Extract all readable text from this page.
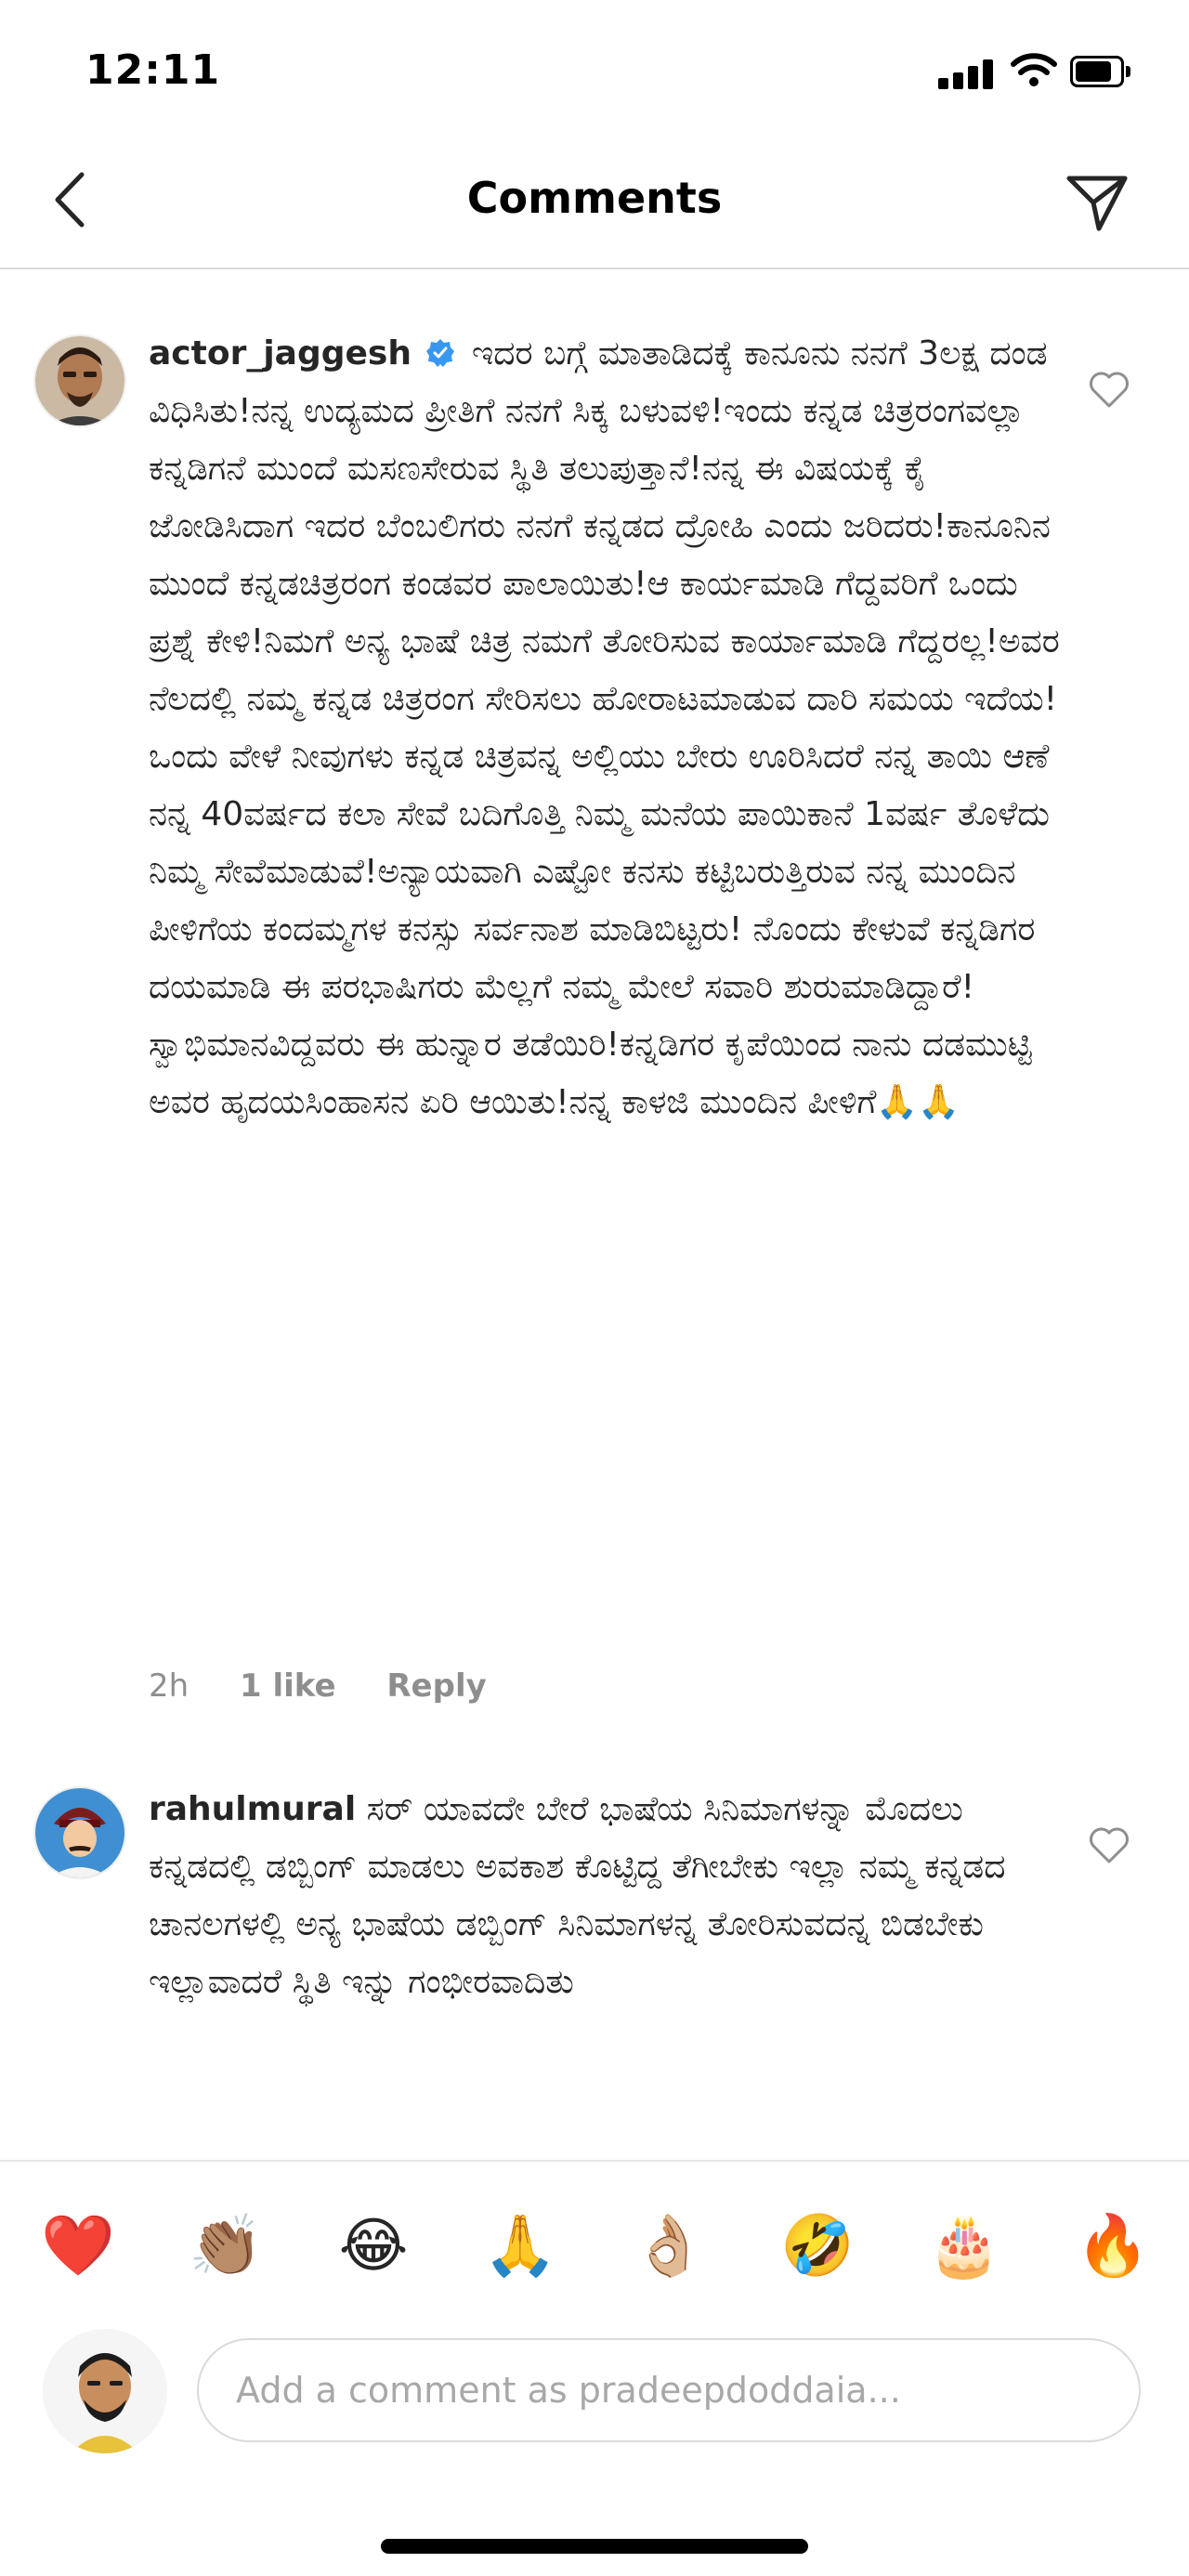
12:11
Comments
actor_jaggesh ಇದರ ಬಗ್ಗೆ ಮಾತಾಡಿದಕ್ಕೆ ಕಾನೂನು ನನಗೆ 3ಲಕ್ಷ ದಂಡ ವಿಧಿಸಿತು!ನನ್ನ ಉದ್ಯಮದ ಪ್ರೀತಿಗೆ ನನಗೆ ಸಿಕ್ಕ ಬಳುವಳಿ!ಇಂದು ಕನ್ನಡ ಚಿತ್ರರಂಗವಲ್ಲಾ ಕನ್ನಡಿಗನೆ ಮುಂದೆ ಮಸಣಸೇರುವ ಸ್ಥಿತಿ ತಲುಪುತ್ತಾನೆ!ನನ್ನ ಈ ವಿಷಯಕ್ಕೆ ಕೈ ಜೋಡಿಸಿದಾಗ ಇದರ ಬೆಂಬಲಿಗರು ನನಗೆ ಕನ್ನಡದ ದ್ರೋಹಿ ಎಂದು ಜರಿದರು!ಕಾನೂನಿನ ಮುಂದೆ ಕನ್ನಡಚಿತ್ರರಂಗ ಕಂಡವರ ಪಾಲಾಯಿತು!ಆ ಕಾರ್ಯಮಾಡಿ ಗೆದ್ದವರಿಗೆ ಒಂದು ಪ್ರಶ್ನೆ ಕೇಳಿ!ನಿಮಗೆ ಅನ್ಯ ಭಾಷೆ ಚಿತ್ರ ನಮಗೆ ತೋರಿಸುವ ಕಾರ್ಯಾಮಾಡಿ ಗೆದ್ದರಲ್ಲ!ಅವರ ನೆಲದಲ್ಲಿ ನಮ್ಮ ಕನ್ನಡ ಚಿತ್ರರಂಗ ಸೇರಿಸಲು ಹೋರಾಟಮಾಡುವ ದಾರಿ ಸಮಯ ಇದೆಯ!ಒಂದು ವೇಳೆ ನೀವುಗಳು ಕನ್ನಡ ಚಿತ್ರವನ್ನ ಅಲ್ಲಿಯು ಬೇರು ಊರಿಸಿದರೆ ನನ್ನ ತಾಯಿ ಆಣೆ ನನ್ನ 40ವರ್ಷದ ಕಲಾ ಸೇವೆ ಬದಿಗೊತ್ತಿ ನಿಮ್ಮ ಮನೆಯ ಪಾಯಿಕಾನೆ 1ವರ್ಷ ತೊಳೆದು ನಿಮ್ಮ ಸೇವೆಮಾಡುವೆ!ಅನ್ಯಾಯವಾಗಿ ಎಷ್ಟೋ ಕನಸು ಕಟ್ಟಿಬರುತ್ತಿರುವ ನನ್ನ ಮುಂದಿನ ಪೀಳಿಗೆಯ ಕಂದಮ್ಮಗಳ ಕನಸ್ಸು ಸರ್ವನಾಶ ಮಾಡಿಬಿಟ್ಟರು! ನೊಂದು ಕೇಳುವೆ ಕನ್ನಡಿಗರ ದಯಮಾಡಿ ಈ ಪರಭಾಷಿಗರು ಮೆಲ್ಲಗೆ ನಮ್ಮ ಮೇಲೆ ಸವಾರಿ ಶುರುಮಾಡಿದ್ದಾರೆ!ಸ್ವಾಭಿಮಾನವಿದ್ದವರು ಈ ಹುನ್ನಾರ ತಡೆಯಿರಿ!ಕನ್ನಡಿಗರ ಕೃಪೆಯಿಂದ ನಾನು ದಡಮುಟ್ಟಿ ಅವರ ಹೃದಯಸಿಂಹಾಸನ ಏರಿ ಆಯಿತು!ನನ್ನ ಕಾಳಜಿ ಮುಂದಿನ ಪೀಳಿಗೆ🙏🙏
2h 1 like Reply
rahulmural ಸರ್ ಯಾವದೇ ಬೇರೆ ಭಾಷೆಯ ಸಿನಿಮಾಗಳನ್ನಾ ಮೊದಲು ಕನ್ನಡದಲ್ಲಿ ಡಬ್ಬಿಂಗ್ ಮಾಡಲು ಅವಕಾಶ ಕೊಟ್ಟಿದ್ದ ತೆಗೀಬೇಕು ಇಲ್ಲಾ ನಮ್ಮ ಕನ್ನಡದ ಚಾನಲಗಳಲ್ಲಿ ಅನ್ಯ ಭಾಷೆಯ ಡಬ್ಬಿಂಗ್ ಸಿನಿಮಾಗಳನ್ನ ತೋರಿಸುವದನ್ನ ಬಿಡಬೇಕು ಇಲ್ಲಾವಾದರೆ ಸ್ಥಿತಿ ಇನ್ನು ಗಂಭೀರವಾದಿತು
❤️ 👏🏽 😂 🙏 👌🏼 🤣 🎂 🔥
Add a comment as pradeepdoddaia...
